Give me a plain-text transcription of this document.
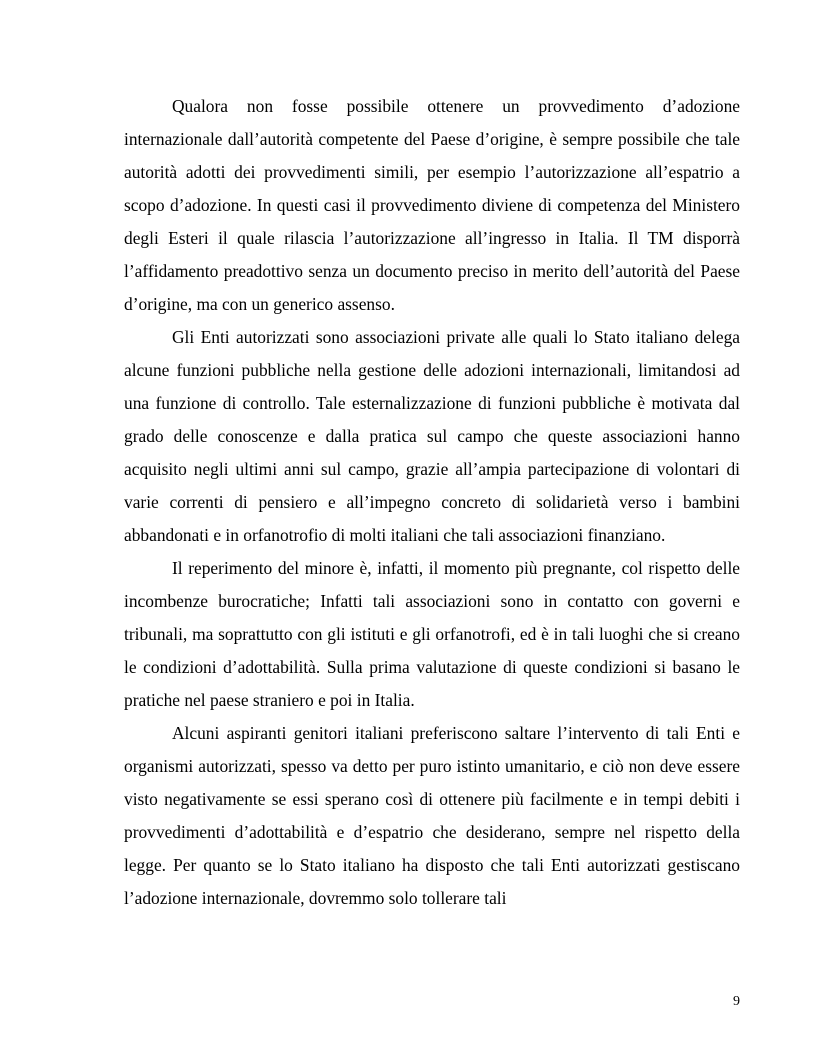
Qualora non fosse possibile ottenere un provvedimento d’adozione internazionale dall’autorità competente del Paese d’origine, è sempre possibile che tale autorità adotti dei provvedimenti simili, per esempio l’autorizzazione all’espatrio a scopo d’adozione. In questi casi il provvedimento diviene di competenza del Ministero degli Esteri il quale rilascia l’autorizzazione all’ingresso in Italia. Il TM disporrà l’affidamento preadottivo senza un documento preciso in merito dell’autorità del Paese d’origine, ma con un generico assenso.

Gli Enti autorizzati sono associazioni private alle quali lo Stato italiano delega alcune funzioni pubbliche nella gestione delle adozioni internazionali, limitandosi ad una funzione di controllo. Tale esternalizzazione di funzioni pubbliche è motivata dal grado delle conoscenze e dalla pratica sul campo che queste associazioni hanno acquisito negli ultimi anni sul campo, grazie all’ampia partecipazione di volontari di varie correnti di pensiero e all’impegno concreto di solidarietà verso i bambini abbandonati e in orfanotrofio di molti italiani che tali associazioni finanziano.

Il reperimento del minore è, infatti, il momento più pregnante, col rispetto delle incombenze burocratiche; Infatti tali associazioni sono in contatto con governi e tribunali, ma soprattutto con gli istituti e gli orfanotrofi, ed è in tali luoghi che si creano le condizioni d’adottabilità. Sulla prima valutazione di queste condizioni si basano le pratiche nel paese straniero e poi in Italia.

Alcuni aspiranti genitori italiani preferiscono saltare l’intervento di tali Enti e organismi autorizzati, spesso va detto per puro istinto umanitario, e ciò non deve essere visto negativamente se essi sperano così di ottenere più facilmente e in tempi debiti i provvedimenti d’adottabilità e d’espatrio che desiderano, sempre nel rispetto della legge. Per quanto se lo Stato italiano ha disposto che tali Enti autorizzati gestiscano l’adozione internazionale, dovremmo solo tollerare tali

9
